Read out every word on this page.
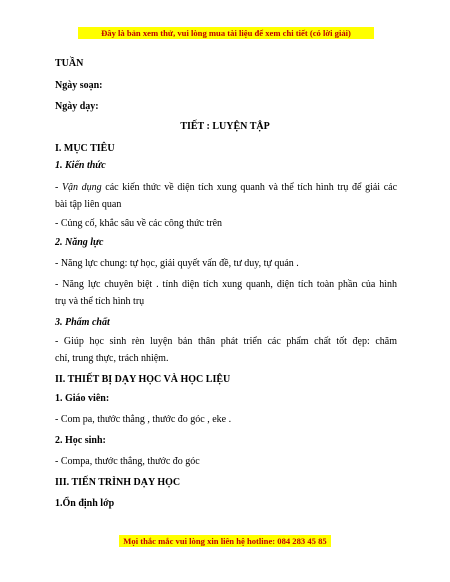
Đây là bản xem thử, vui lòng mua tài liệu để xem chi tiết (có lời giải)
TUẦN
Ngày soạn:
Ngày dạy:
TIẾT : LUYỆN TẬP
I. MỤC TIÊU
1. Kiến thức
- Vận dụng các kiến thức về diện tích xung quanh và thể tích hình trụ để giải các
bài tập liên quan
- Củng cố, khắc sâu về các công thức trên
2. Năng lực
- Năng lực chung: tự học, giải quyết vấn đề, tư duy, tự quản .
- Năng lực chuyên biệt . tính diện tích xung quanh, diện tích toàn phần của hình
trụ và thể tích hình trụ
3. Phẩm chất
- Giúp học sinh rèn luyện bản thân phát triển các phẩm chất tốt đẹp: chăm
chỉ, trung thực, trách nhiệm.
II. THIẾT BỊ DẠY HỌC VÀ HỌC LIỆU
1. Giáo viên:
- Com pa, thước thẳng , thước đo góc , eke .
2. Học sinh:
- Compa, thước thẳng, thước đo góc
III. TIẾN TRÌNH DẠY HỌC
1.Ổn định lớp
Mọi thắc mắc vui lòng xin liên hệ hotline: 084 283 45 85
